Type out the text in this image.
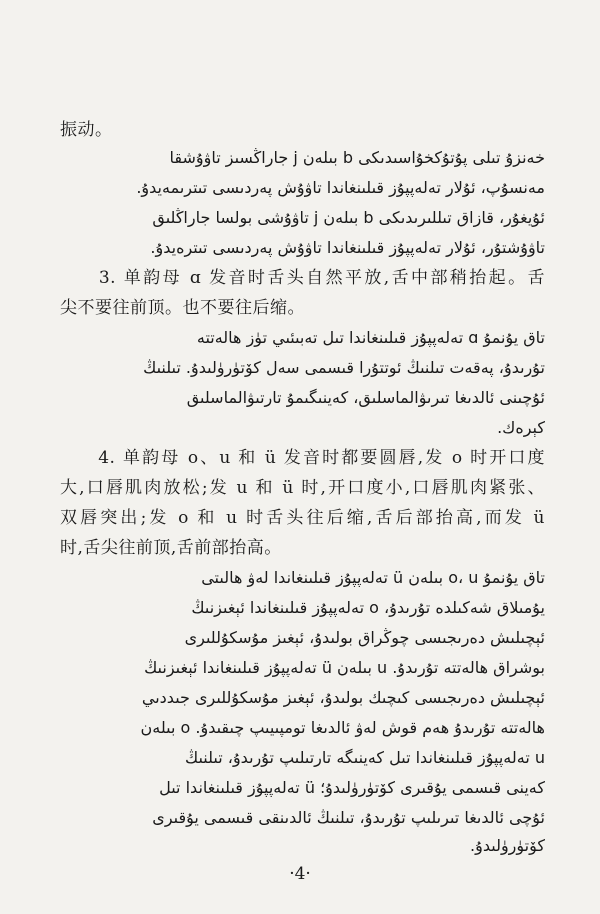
·4·
振动。
خەنزۇ تىلى پۇتۇكخۇاسىدىكى b بىلەن j جاراڭسىز تاۋۇشقا
مەنسۇپ، ئۇلار تەلەپپۇز قىلىنغاندا تاۋۇش پەردىسى تىترىمەيدۇ.
ئۇيغۇر، قازاق تىللىرىدىكى b بىلەن j تاۋۇشى بولسا جاراڭلىق
تاۋۇشتۇر، ئۇلار تەلەپپۇز قىلىنغاندا تاۋۇش پەردىسى تىترەيدۇ.
　　3. 单韵母 ɑ 发音时舌头自然平放,舌中部稍抬起。舌
尖不要往前顶。也不要往后缩。
تاق يۇنمۇ ɑ تەلەپپۇز قىلىنغاندا تىل تەبىئىي تۈز ھالەتتە
تۇرىدۇ، پەقەت تىلنىڭ ئوتتۇرا قىسمى سەل كۆتۈرۈلىدۇ. تىلنىڭ
ئۇچىنى ئالدىغا تىرىۋالماسلىق، كەينىگىمۇ تارتىۋالماسلىق
كېرەك.
　　4. 单韵母 o、u 和 ü 发音时都要圆唇,发 o 时开口度
大,口唇肌肉放松;发 u 和 ü 时,开口度小,口唇肌肉紧张、
双唇突出;发 o 和 u 时舌头往后缩,舌后部抬高,而发 ü
时,舌尖往前顶,舌前部抬高。
تاق يۇنمۇ o، u بىلەن ü تەلەپپۇز قىلىنغاندا لەۋ ھالىتى
يۇمىلاق شەكىلدە تۇرىدۇ، o تەلەپپۇز قىلىنغاندا ئېغىزنىڭ
ئېچىلىش دەرىجىسى چوڭراق بولىدۇ، ئېغىز مۇسكۇللىرى
بوشراق ھالەتتە تۇرىدۇ. u بىلەن ü تەلەپپۇز قىلىنغاندا ئېغىزنىڭ
ئېچىلىش دەرىجىسى كىچىك بولىدۇ، ئېغىز مۇسكۇللىرى جىددىي
ھالەتتە تۇرىدۇ ھەم قوش لەۋ ئالدىغا تومپىيىپ چىقىدۇ. o بىلەن
u تەلەپپۇز قىلىنغاندا تىل كەينىگە تارتىلىپ تۇرىدۇ، تىلنىڭ
كەينى قىسمى يۇقىرى كۆتۈرۈلىدۇ؛ ü تەلەپپۇز قىلىنغاندا تىل
ئۇچى ئالدىغا تىرىلىپ تۇرىدۇ، تىلنىڭ ئالدىنقى قىسمى يۇقىرى
كۆتۈرۈلىدۇ.
